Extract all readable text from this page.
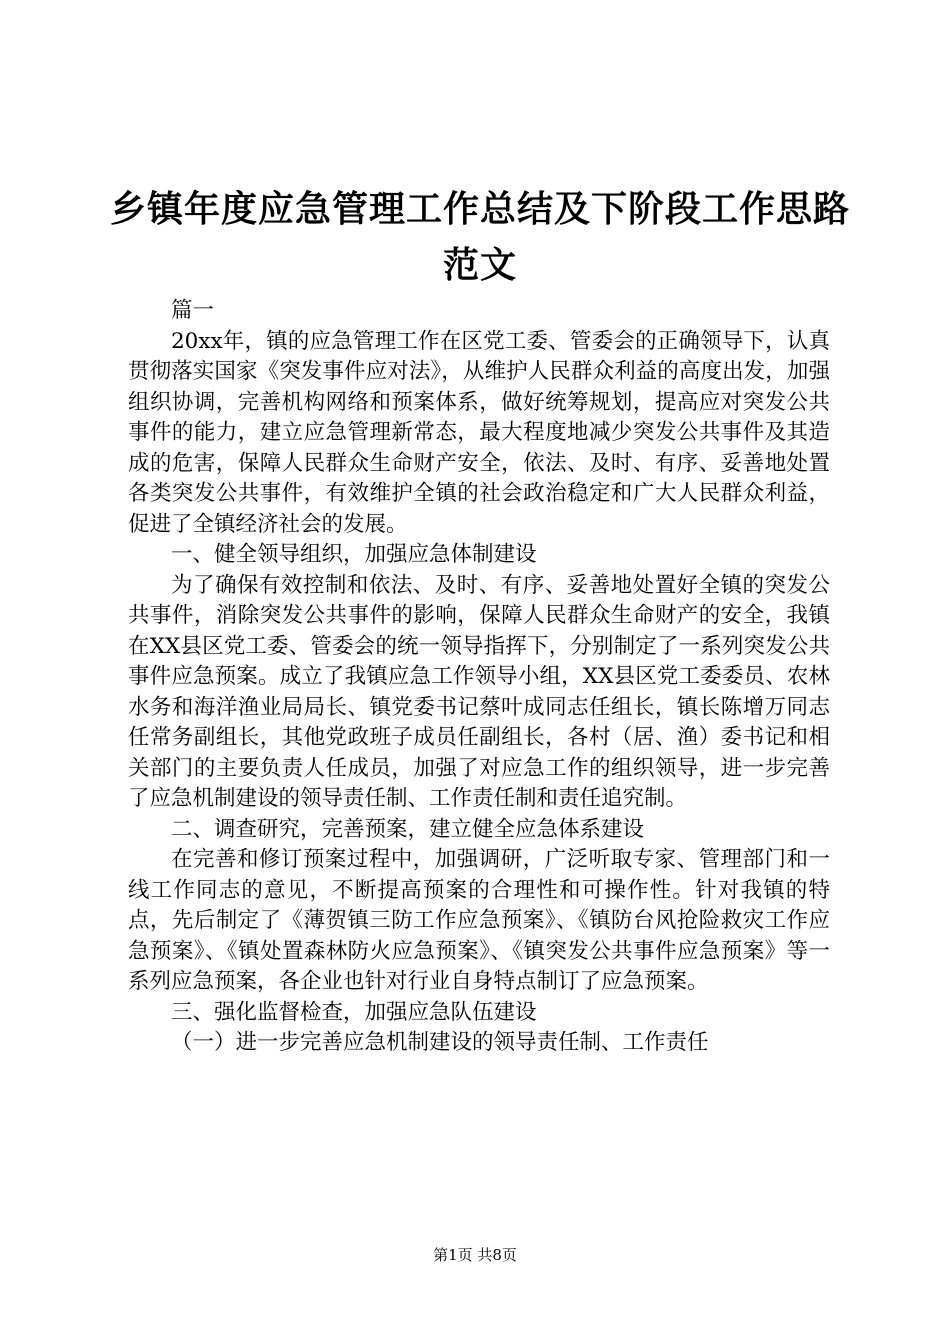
乡镇年度应急管理工作总结及下阶段工作思路
范文

篇一

20xx年，镇的应急管理工作在区党工委、管委会的正确领导下，认真贯彻落实国家《突发事件应对法》，从维护人民群众利益的高度出发，加强组织协调，完善机构网络和预案体系，做好统筹规划，提高应对突发公共事件的能力，建立应急管理新常态，最大程度地减少突发公共事件及其造成的危害，保障人民群众生命财产安全，依法、及时、有序、妥善地处置各类突发公共事件，有效维护全镇的社会政治稳定和广大人民群众利益，促进了全镇经济社会的发展。

一、健全领导组织，加强应急体制建设

为了确保有效控制和依法、及时、有序、妥善地处置好全镇的突发公共事件，消除突发公共事件的影响，保障人民群众生命财产的安全，我镇在XX县区党工委、管委会的统一领导指挥下，分别制定了一系列突发公共事件应急预案。成立了我镇应急工作领导小组，XX县区党工委委员、农林水务和海洋渔业局局长、镇党委书记蔡叶成同志任组长，镇长陈增万同志任常务副组长，其他党政班子成员任副组长，各村（居、渔）委书记和相关部门的主要负责人任成员，加强了对应急工作的组织领导，进一步完善了应急机制建设的领导责任制、工作责任制和责任追究制。

二、调查研究，完善预案，建立健全应急体系建设

在完善和修订预案过程中，加强调研，广泛听取专家、管理部门和一线工作同志的意见，不断提高预案的合理性和可操作性。针对我镇的特点，先后制定了《薄贺镇三防工作应急预案》、《镇防台风抢险救灾工作应急预案》、《镇处置森林防火应急预案》、《镇突发公共事件应急预案》等一系列应急预案，各企业也针对行业自身特点制订了应急预案。

三、强化监督检查，加强应急队伍建设

（一）进一步完善应急机制建设的领导责任制、工作责任

第1页 共8页
